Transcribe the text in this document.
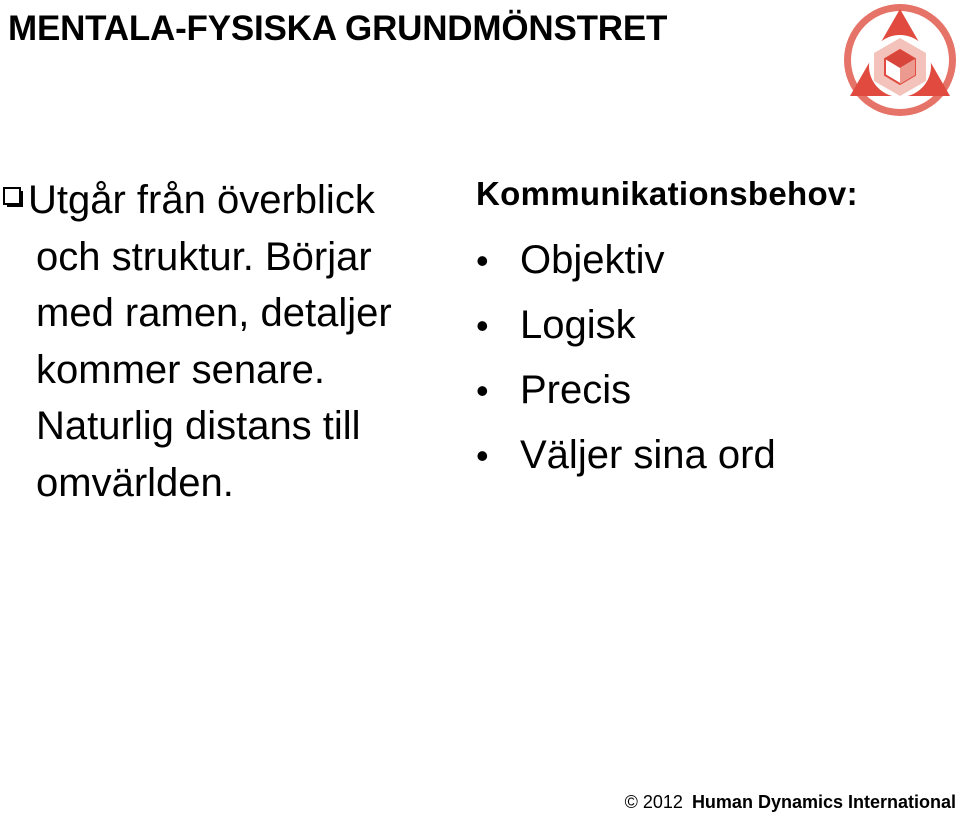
MENTALA-FYSISKA GRUNDMÖNSTRET
Utgår från överblick och struktur. Börjar med ramen, detaljer kommer senare. Naturlig distans till omvärlden.
Kommunikationsbehov:
• Objektiv
• Logisk
• Precis
• Väljer sina ord
© 2012 Human Dynamics International
